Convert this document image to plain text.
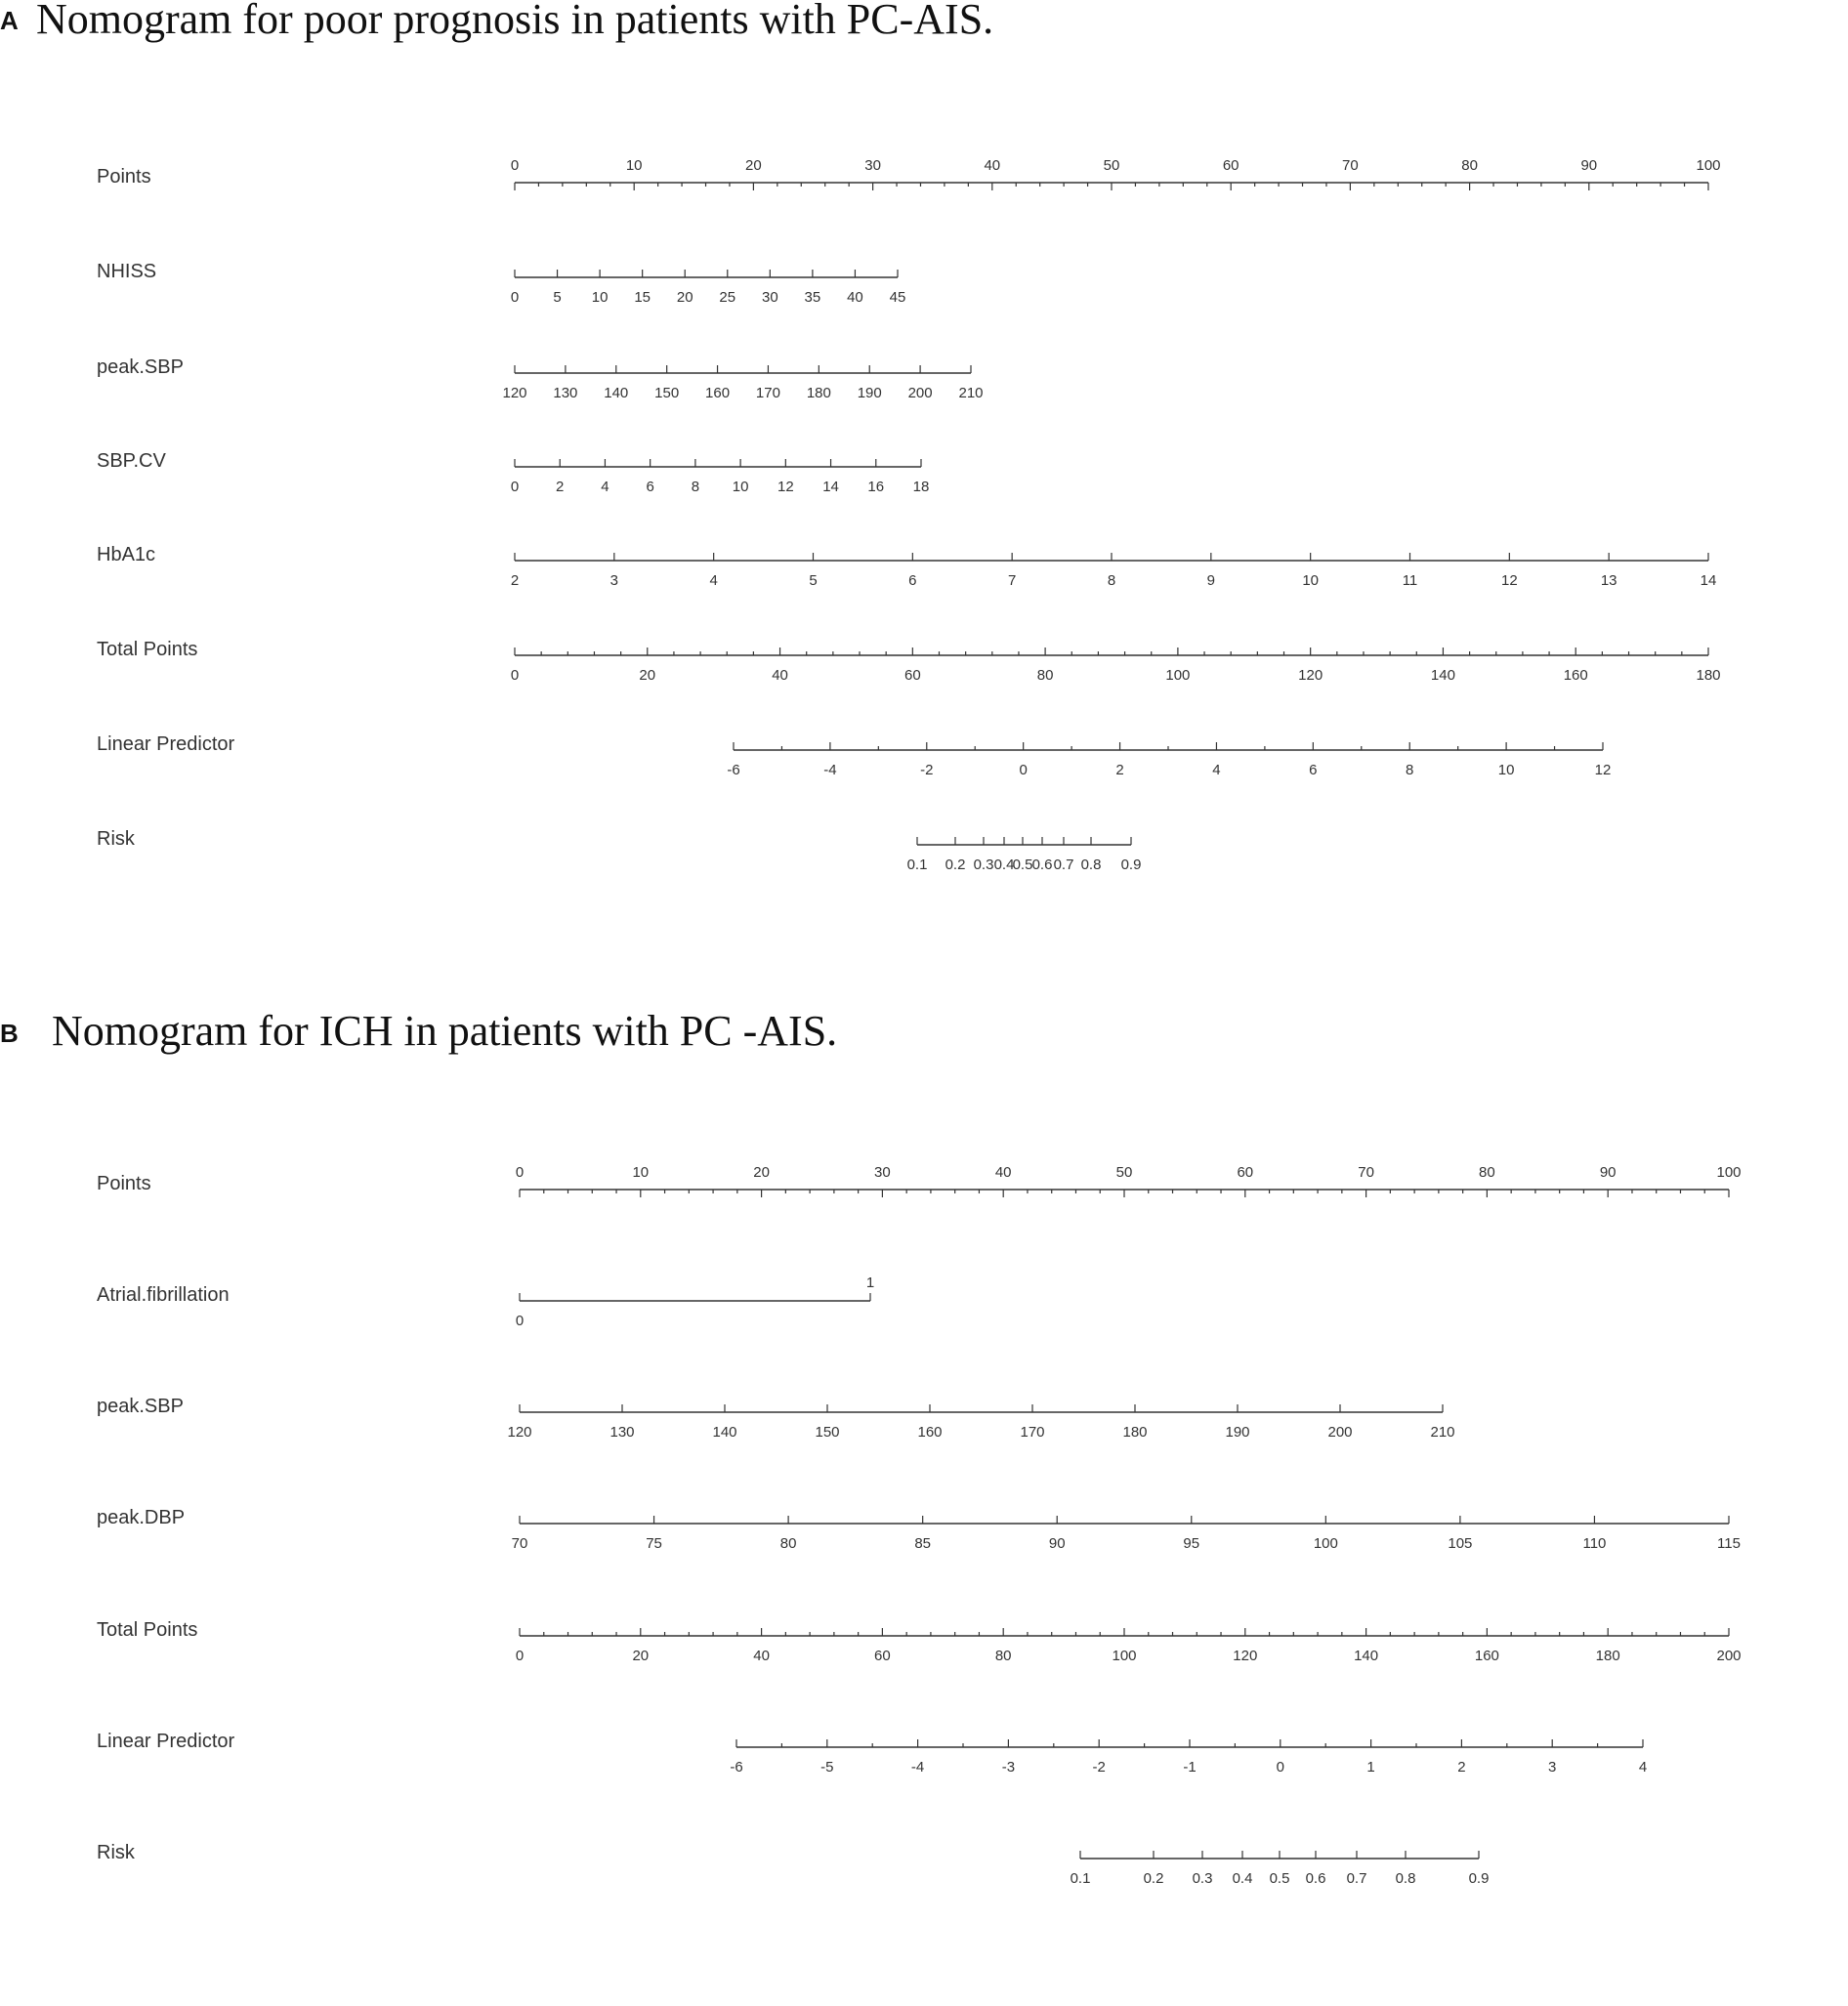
A Nomogram for poor prognosis in patients with PC-AIS.
B Nomogram for ICH in patients with PC -AIS.
Points
0	10	20	30	40	50	60	70	80	90	100
NHISS
0 5 10 15 20 25 30 35 40 45
peak.SBP
120 130 140 150 160 170 180 190 200 210
SBP.CV
0	2	4	6	8 10 12 14 16 18
HbA1c
2	3	4	5	6	7	8	9	10	11	12	13	14
Total Points
0	20	40	60	80	100	120	140	160	180
Linear Predictor
-6	-4	-2	0	2	4	6	8	10	12
Risk
0.1 0.2 0.3 0.4
0.5 0.6 0.7 0.8 0.9
Points
0	10	20	30	40	50	60	70	80	90	100
Atrial.fibrillation
0
1
peak.SBP
120	130	140	150	160	170	180	190	200	210
peak.DBP
70	75	80	85	90	95	100	105	110	115
Total Points
0	20	40	60	80	100	120	140	160	180	200
Linear Predictor
-6	-5	-4	-3	-2	-1	0	1	2	3	4
Risk
0.1	0.2 0.3 0.4 0.5 0.6 0.7 0.8	0.9
